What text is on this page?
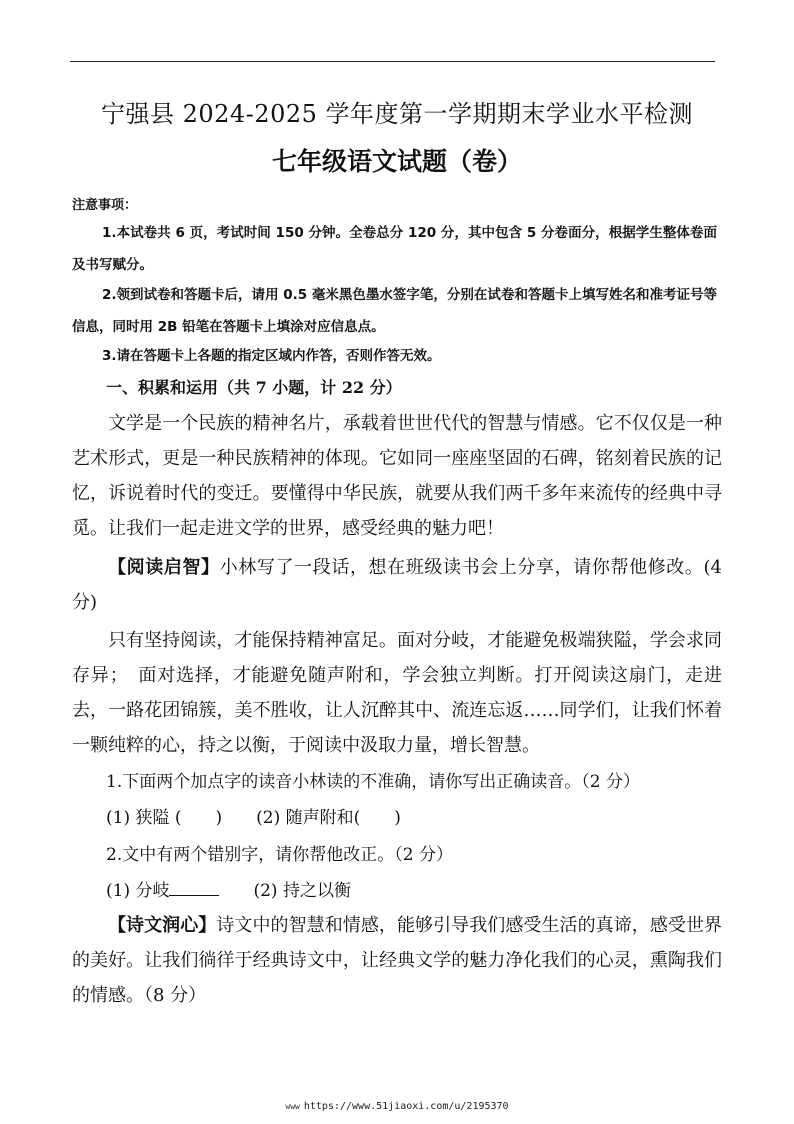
宁强县 2024-2025 学年度第一学期期末学业水平检测
七年级语文试题（卷）
注意事项：

1.本试卷共 6 页，考试时间 150 分钟。全卷总分 120 分，其中包含 5 分卷面分，根据学生整体卷面及书写赋分。

2.领到试卷和答题卡后，请用 0.5 毫米黑色墨水签字笔，分别在试卷和答题卡上填写姓名和准考证号等信息，同时用 2B 铅笔在答题卡上填涂对应信息点。

3.请在答题卡上各题的指定区域内作答，否则作答无效。

一、积累和运用（共 7 小题，计 22 分）

文学是一个民族的精神名片，承载着世世代代的智慧与情感。它不仅仅是一种艺术形式，更是一种民族精神的体现。它如同一座座坚固的石碑，铭刻着民族的记忆，诉说着时代的变迁。要懂得中华民族，就要从我们两千多年来流传的经典中寻觅。让我们一起走进文学的世界，感受经典的魅力吧！

【阅读启智】小林写了一段话，想在班级读书会上分享，请你帮他修改。(4 分)

只有坚持阅读，才能保持精神富足。面对分岐，才能避免极端狭隘，学会求同存异；　面对选择，才能避免随声附和，学会独立判断。打开阅读这扇门，走进去，一路花团锦簇，美不胜收，让人沉醉其中、流连忘返……同学们，让我们怀着一颗纯粹的心，持之以衡，于阅读中汲取力量，增长智慧。

1.下面两个加点字的读音小林读的不准确，请你写出正确读音。（2 分）

(1) 狭隘 (　　)　　(2) 随声附和(　　)

2.文中有两个错别字，请你帮他改正。（2 分）

(1) 分岐　　	(2) 持之以衡

【诗文润心】诗文中的智慧和情感，能够引导我们感受生活的真谛，感受世界的美好。让我们徜徉于经典诗文中，让经典文学的魅力净化我们的心灵，熏陶我们的情感。（8 分）

www https://www.51jiaoxi.com/u/2195370
